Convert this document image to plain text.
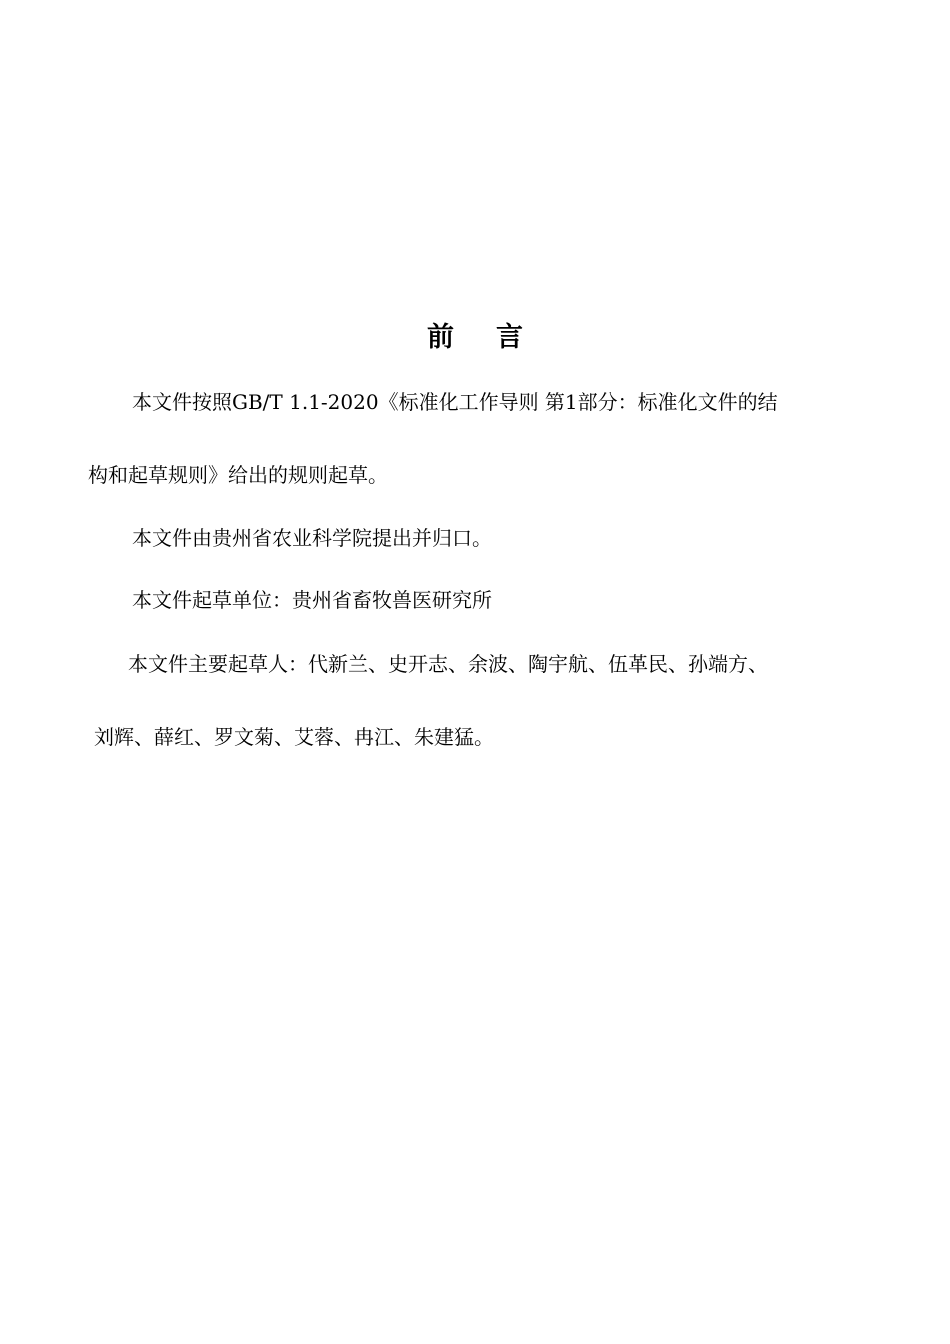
前 言
本文件按照GB/T 1.1-2020《标准化工作导则 第1部分：标准化文件的结
构和起草规则》给出的规则起草。
本文件由贵州省农业科学院提出并归口。
本文件起草单位：贵州省畜牧兽医研究所
本文件主要起草人：代新兰、史开志、余波、陶宇航、伍革民、孙端方、
刘辉、薛红、罗文菊、艾蓉、冉江、朱建猛。
